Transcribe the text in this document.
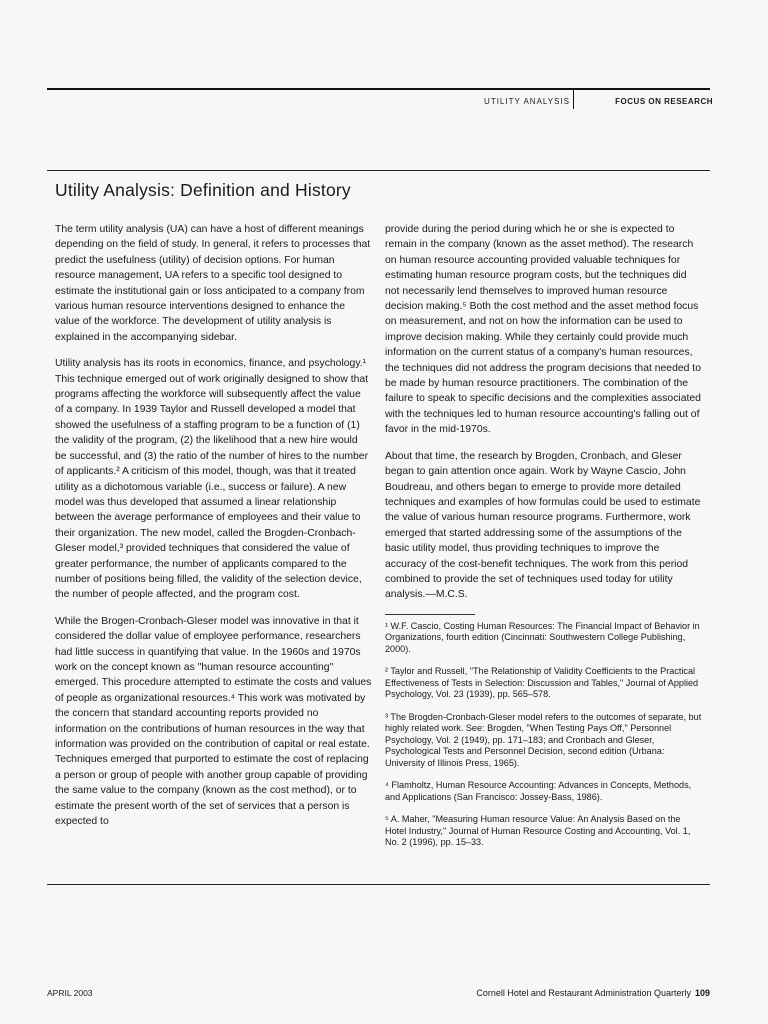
UTILITY ANALYSIS	FOCUS ON RESEARCH
Utility Analysis: Definition and History

The term utility analysis (UA) can have a host of different meanings depending on the field of study. In general, it refers to processes that predict the usefulness (utility) of decision options. For human resource management, UA refers to a specific tool designed to estimate the institutional gain or loss anticipated to a company from various human resource interventions designed to enhance the value of the workforce. The development of utility analysis is explained in the accompanying sidebar.

Utility analysis has its roots in economics, finance, and psychology.¹ This technique emerged out of work originally designed to show that programs affecting the workforce will subsequently affect the value of a company. In 1939 Taylor and Russell developed a model that showed the usefulness of a staffing program to be a function of (1) the validity of the program, (2) the likelihood that a new hire would be successful, and (3) the ratio of the number of hires to the number of applicants.² A criticism of this model, though, was that it treated utility as a dichotomous variable (i.e., success or failure). A new model was thus developed that assumed a linear relationship between the average performance of employees and their value to their organization. The new model, called the Brogden-Cronbach-Gleser model,³ provided techniques that considered the value of greater performance, the number of applicants compared to the number of positions being filled, the validity of the selection device, the number of people affected, and the program cost.

While the Brogen-Cronbach-Gleser model was innovative in that it considered the dollar value of employee performance, researchers had little success in quantifying that value. In the 1960s and 1970s work on the concept known as "human resource accounting" emerged. This procedure attempted to estimate the costs and values of people as organizational resources.⁴ This work was motivated by the concern that standard accounting reports provided no information on the contributions of human resources in the way that information was provided on the contribution of capital or real estate. Techniques emerged that purported to estimate the cost of replacing a person or group of people with another group capable of providing the same value to the company (known as the cost method), or to estimate the present worth of the set of services that a person is expected to

provide during the period during which he or she is expected to remain in the company (known as the asset method). The research on human resource accounting provided valuable techniques for estimating human resource program costs, but the techniques did not necessarily lend themselves to improved human resource decision making.⁵ Both the cost method and the asset method focus on measurement, and not on how the information can be used to improve decision making. While they certainly could provide much information on the current status of a company's human resources, the techniques did not address the program decisions that needed to be made by human resource practitioners. The combination of the failure to speak to specific decisions and the complexities associated with the techniques led to human resource accounting's falling out of favor in the mid-1970s.

About that time, the research by Brogden, Cronbach, and Gleser began to gain attention once again. Work by Wayne Cascio, John Boudreau, and others began to emerge to provide more detailed techniques and examples of how formulas could be used to estimate the value of various human resource programs. Furthermore, work emerged that started addressing some of the assumptions of the basic utility model, thus providing techniques to improve the accuracy of the cost-benefit techniques. The work from this period combined to provide the set of techniques used today for utility analysis.—M.C.S.

¹ W.F. Cascio, Costing Human Resources: The Financial Impact of Behavior in Organizations, fourth edition (Cincinnati: Southwestern College Publishing, 2000).

² Taylor and Russell, "The Relationship of Validity Coefficients to the Practical Effectiveness of Tests in Selection: Discussion and Tables," Journal of Applied Psychology, Vol. 23 (1939), pp. 565–578.

³ The Brogden-Cronbach-Gleser model refers to the outcomes of separate, but highly related work. See: Brogden, "When Testing Pays Off," Personnel Psychology, Vol. 2 (1949), pp. 171–183; and Cronbach and Gleser, Psychological Tests and Personnel Decision, second edition (Urbana: University of Illinois Press, 1965).

⁴ Flamholtz, Human Resource Accounting: Advances in Concepts, Methods, and Applications (San Francisco: Jossey-Bass, 1986).

⁵ A. Maher, "Measuring Human resource Value: An Analysis Based on the Hotel Industry," Journal of Human Resource Costing and Accounting, Vol. 1, No. 2 (1996), pp. 15–33.

APRIL 2003	Cornell Hotel and Restaurant Administration Quarterly 109
